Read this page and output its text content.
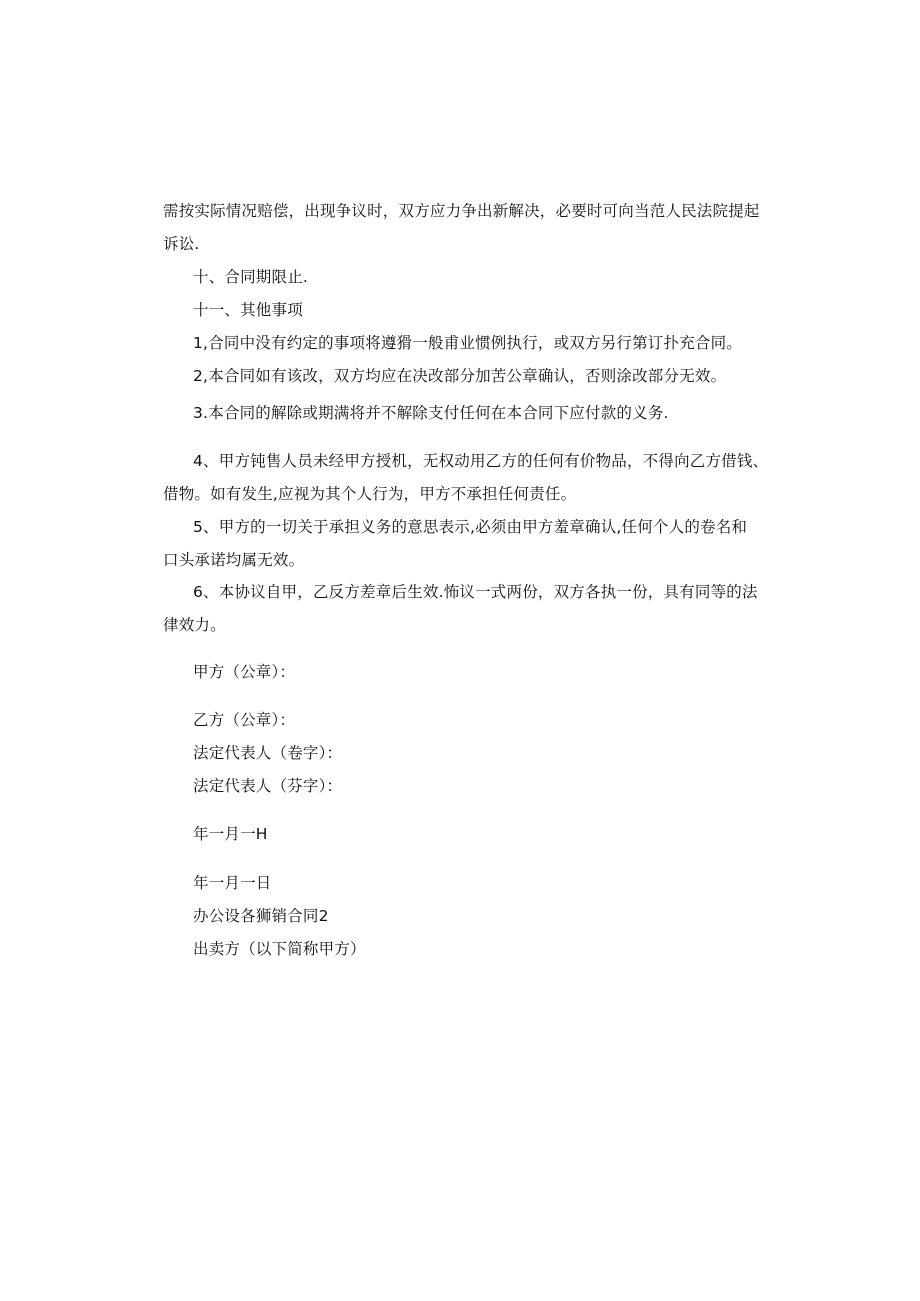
需按实际情况赔偿，出现争议时，双方应力争出新解决，必要时可向当范人民法院提起
诉讼.
十、合同期限止.
十一、其他事项
1,合同中没有约定的事项将遵猾一般甫业惯例执行，或双方另行第订扑充合同。
2,本合同如有该改，双方均应在决改部分加苦公章确认，否则涂改部分无效。
3.本合同的解除或期满将并不解除支付任何在本合同下应付款的义务.
4、甲方钝售人员未经甲方授机，无权动用乙方的任何有价物品，不得向乙方借钱、
借物。如有发生,应视为其个人行为，甲方不承担任何责任。
5、甲方的一切关于承担义务的意思表示,必须由甲方羞章确认,任何个人的卷名和
口头承诺均属无效。
6、本协议自甲，乙反方差章后生效.怖议一式两份，双方各执一份，具有同等的法
律效力。
甲方（公章）：
乙方（公章）：
法定代表人（卷字）：
法定代表人（芬字）：
年一月一H
年一月一日
办公设各狮销合同2
出卖方（以下简称甲方）
